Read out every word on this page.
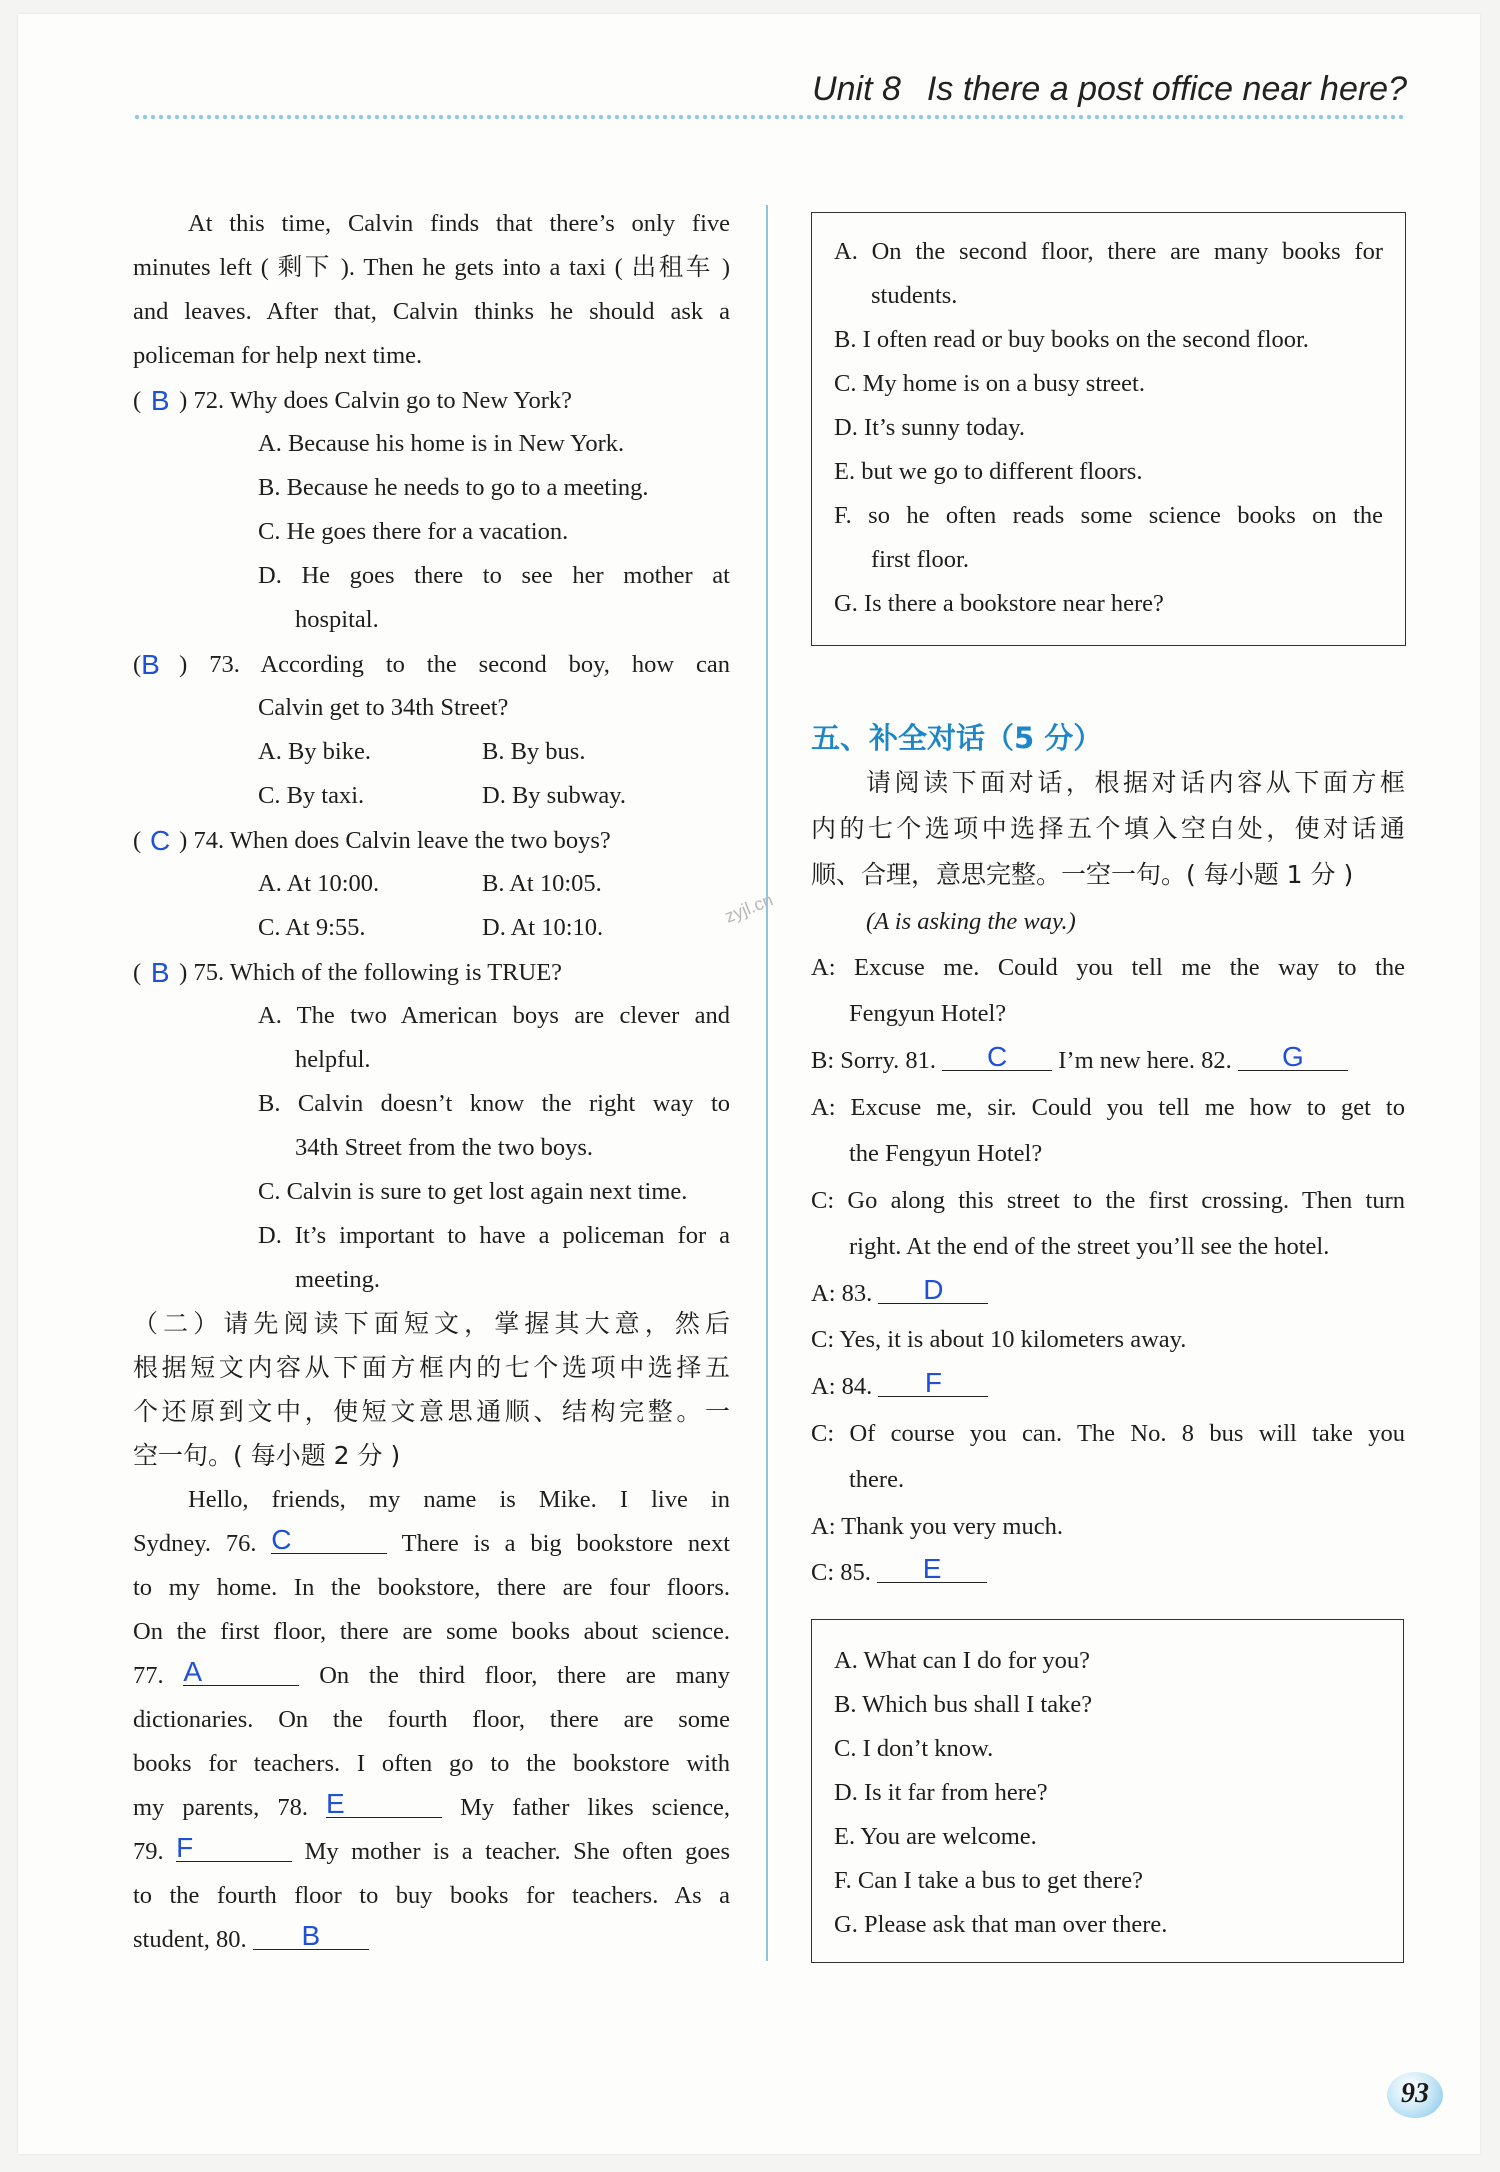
Unit 8 Is there a post office near here?
zyjl.cn
At this time, Calvin finds that there’s only five
minutes left ( 剩下 ). Then he gets into a taxi ( 出租车 )
and leaves. After that, Calvin thinks he should ask a
policeman for help next time.
( B ) 72. Why does Calvin go to New York?
A. Because his home is in New York.
B. Because he needs to go to a meeting.
C. He goes there for a vacation.
D. He goes there to see her mother at
hospital.
(B ) 73. According to the second boy, how can
Calvin get to 34th Street?
A. By bike.	B. By bus.
C. By taxi.	D. By subway.
( C ) 74. When does Calvin leave the two boys?
A. At 10:00.	B. At 10:05.
C. At 9:55.	D. At 10:10.
( B ) 75. Which of the following is TRUE?
A. The two American boys are clever and
helpful.
B. Calvin doesn’t know the right way to
34th Street from the two boys.
C. Calvin is sure to get lost again next time.
D. It’s important to have a policeman for a
meeting.
（二）请先阅读下面短文，掌握其大意，然后
根据短文内容从下面方框内的七个选项中选择五
个还原到文中，使短文意思通顺、结构完整。一
空一句。( 每小题 2 分 )
Hello, friends, my name is Mike. I live in
Sydney. 76. C	There is a big bookstore next
to my home. In the bookstore, there are four floors.
On the first floor, there are some books about science.
77. A	On the third floor, there are many
dictionaries. On the fourth floor, there are some
books for teachers. I often go to the bookstore with
my parents, 78. E	My father likes science,
79. F	My mother is a teacher. She often goes
to the fourth floor to buy books for teachers. As a
student, 80. B
A. On the second floor, there are many books for
students.
B. I often read or buy books on the second floor.
C. My home is on a busy street.
D. It’s sunny today.
E. but we go to different floors.
F. so he often reads some science books on the
first floor.
G. Is there a bookstore near here?
五、补全对话（5 分）
请阅读下面对话，根据对话内容从下面方框
内的七个选项中选择五个填入空白处，使对话通
顺、合理，意思完整。一空一句。( 每小题 1 分 )
(A is asking the way.)
A: Excuse me. Could you tell me the way to the
Fengyun Hotel?
B: Sorry. 81. C I’m new here. 82. G
A: Excuse me, sir. Could you tell me how to get to
the Fengyun Hotel?
C: Go along this street to the first crossing. Then turn
right. At the end of the street you’ll see the hotel.
A: 83. D
C: Yes, it is about 10 kilometers away.
A: 84. F
C: Of course you can. The No. 8 bus will take you
there.
A: Thank you very much.
C: 85. E
A. What can I do for you?
B. Which bus shall I take?
C. I don’t know.
D. Is it far from here?
E. You are welcome.
F. Can I take a bus to get there?
G. Please ask that man over there.
93
